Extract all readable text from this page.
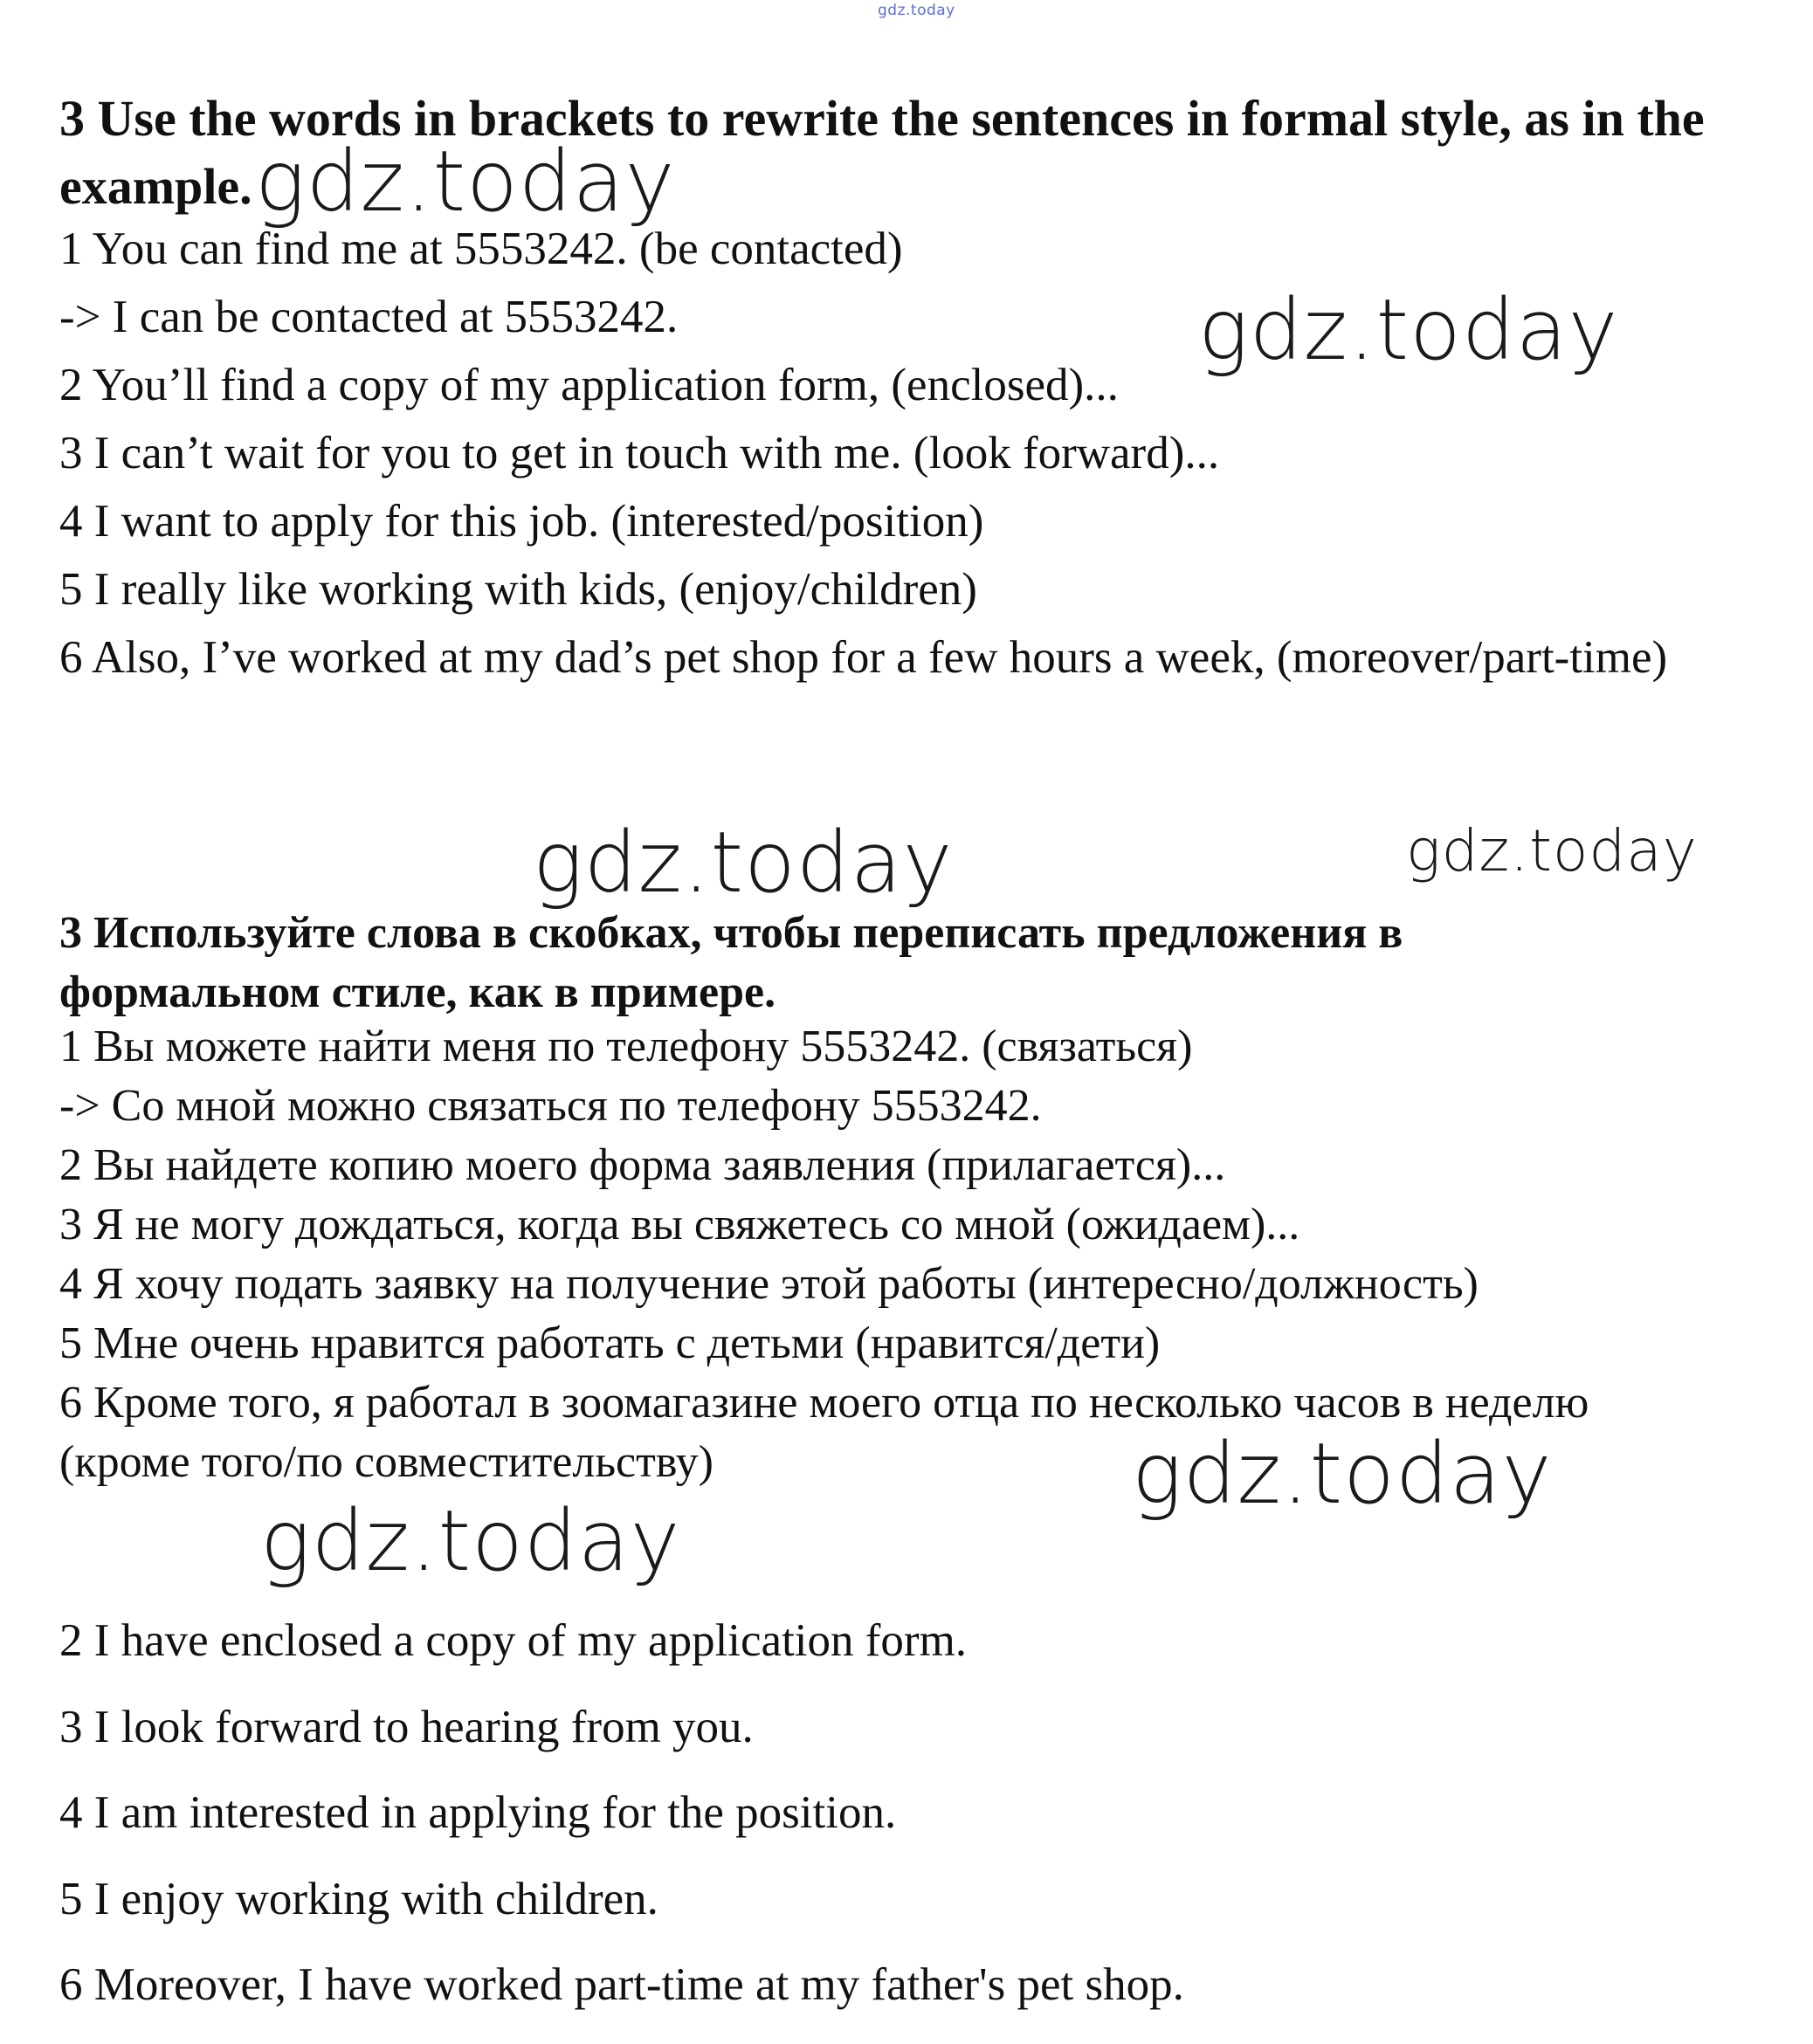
gdz.today
3 Use the words in brackets to rewrite the sentences in formal style, as in the
example.
1 You can find me at 5553242. (be contacted)
-> I can be contacted at 5553242.
2 You’ll find a copy of my application form, (enclosed)...
3 I can’t wait for you to get in touch with me. (look forward)...
4 I want to apply for this job. (interested/position)
5 I really like working with kids, (enjoy/children)
6 Also, I’ve worked at my dad’s pet shop for a few hours a week, (moreover/part-time)
3 Используйте слова в скобках, чтобы переписать предложения в
формальном стиле, как в примере.
1 Вы можете найти меня по телефону 5553242. (связаться)
-> Со мной можно связаться по телефону 5553242.
2 Вы найдете копию моего форма заявления (прилагается)...
3 Я не могу дождаться, когда вы свяжетесь со мной (ожидаем)...
4 Я хочу подать заявку на получение этой работы (интересно/должность)
5 Мне очень нравится работать с детьми (нравится/дети)
6 Кроме того, я работал в зоомагазине моего отца по несколько часов в неделю (кроме того/по совместительству)
2 I have enclosed a copy of my application form.
3 I look forward to hearing from you.
4 I am interested in applying for the position.
5 I enjoy working with children.
6 Moreover, I have worked part-time at my father's pet shop.
gdz.today
gdz.today
gdz.today	gdz.today
gdz.today
gdz.today
